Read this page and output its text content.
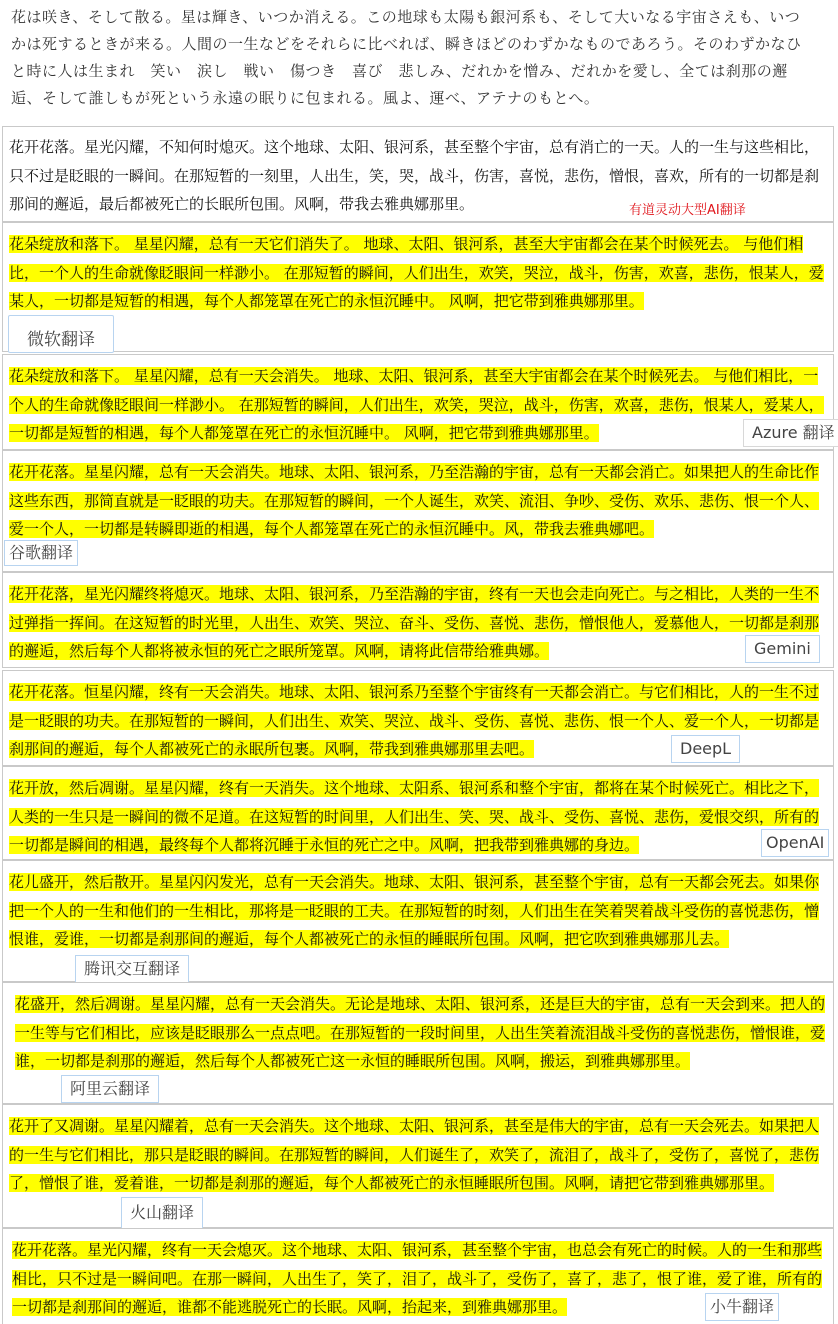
花は咲き、そして散る。星は輝き、いつか消える。この地球も太陽も銀河系も、そして大いなる宇宙さえも、いつ
かは死するときが来る。人間の一生などをそれらに比べれば、瞬きほどのわずかなものであろう。そのわずかなひ
と時に人は生まれ　笑い　涙し　戦い　傷つき　喜び　悲しみ、だれかを憎み、だれかを愛し、全ては刹那の邂
逅、そして誰しもが死という永遠の眠りに包まれる。風よ、運べ、アテナのもとへ。
花开花落。星光闪耀，不知何时熄灭。这个地球、太阳、银河系，甚至整个宇宙，总有消亡的一天。人的一生与这些相比，只不过是眨眼的一瞬间。在那短暂的一刻里，人出生，笑，哭，战斗，伤害，喜悦，悲伤，憎恨，喜欢，所有的一切都是刹那间的邂逅，最后都被死亡的长眠所包围。风啊，带我去雅典娜那里。	有道灵动大型AI翻译
花朵绽放和落下。 星星闪耀，总有一天它们消失了。 地球、太阳、银河系，甚至大宇宙都会在某个时候死去。 与他们相比，一个人的生命就像眨眼间一样渺小。 在那短暂的瞬间，人们出生，欢笑，哭泣，战斗，伤害，欢喜，悲伤，恨某人，爱某人，一切都是短暂的相遇，每个人都笼罩在死亡的永恒沉睡中。 风啊，把它带到雅典娜那里。
微软翻译
花朵绽放和落下。 星星闪耀，总有一天会消失。 地球、太阳、银河系，甚至大宇宙都会在某个时候死去。 与他们相比，一个人的生命就像眨眼间一样渺小。 在那短暂的瞬间，人们出生，欢笑，哭泣，战斗，伤害，欢喜，悲伤，恨某人，爱某人，一切都是短暂的相遇，每个人都笼罩在死亡的永恒沉睡中。 风啊，把它带到雅典娜那里。	Azure 翻译
花开花落。星星闪耀，总有一天会消失。地球、太阳、银河系，乃至浩瀚的宇宙，总有一天都会消亡。如果把人的生命比作这些东西，那简直就是一眨眼的功夫。在那短暂的瞬间，一个人诞生，欢笑、流泪、争吵、受伤、欢乐、悲伤、恨一个人、爱一个人，一切都是转瞬即逝的相遇，每个人都笼罩在死亡的永恒沉睡中。风，带我去雅典娜吧。
谷歌翻译
花开花落，星光闪耀终将熄灭。地球、太阳、银河系，乃至浩瀚的宇宙，终有一天也会走向死亡。与之相比，人类的一生不过弹指一挥间。在这短暂的时光里，人出生、欢笑、哭泣、奋斗、受伤、喜悦、悲伤，憎恨他人，爱慕他人，一切都是刹那的邂逅，然后每个人都将被永恒的死亡之眠所笼罩。风啊，请将此信带给雅典娜。	Gemini
花开花落。恒星闪耀，终有一天会消失。地球、太阳、银河系乃至整个宇宙终有一天都会消亡。与它们相比，人的一生不过是一眨眼的功夫。在那短暂的一瞬间，人们出生、欢笑、哭泣、战斗、受伤、喜悦、悲伤、恨一个人、爱一个人，一切都是刹那间的邂逅，每个人都被死亡的永眠所包裹。风啊，带我到雅典娜那里去吧。	DeepL
花开放，然后凋谢。星星闪耀，终有一天消失。这个地球、太阳系、银河系和整个宇宙，都将在某个时候死亡。相比之下，人类的一生只是一瞬间的微不足道。在这短暂的时间里，人们出生、笑、哭、战斗、受伤、喜悦、悲伤，爱恨交织，所有的一切都是瞬间的相遇，最终每个人都将沉睡于永恒的死亡之中。风啊，把我带到雅典娜的身边。	OpenAI
花儿盛开，然后散开。星星闪闪发光，总有一天会消失。地球、太阳、银河系，甚至整个宇宙，总有一天都会死去。如果你把一个人的一生和他们的一生相比，那将是一眨眼的工夫。在那短暂的时刻，人们出生在笑着哭着战斗受伤的喜悦悲伤，憎恨谁，爱谁，一切都是刹那间的邂逅，每个人都被死亡的永恒的睡眠所包围。风啊，把它吹到雅典娜那儿去。
腾讯交互翻译
花盛开，然后凋谢。星星闪耀，总有一天会消失。无论是地球、太阳、银河系，还是巨大的宇宙，总有一天会到来。把人的一生等与它们相比，应该是眨眼那么一点点吧。在那短暂的一段时间里，人出生笑着流泪战斗受伤的喜悦悲伤，憎恨谁，爱谁，一切都是刹那的邂逅，然后每个人都被死亡这一永恒的睡眠所包围。风啊，搬运，到雅典娜那里。
阿里云翻译
花开了又凋谢。星星闪耀着，总有一天会消失。这个地球、太阳、银河系，甚至是伟大的宇宙，总有一天会死去。如果把人的一生与它们相比，那只是眨眼的瞬间。在那短暂的瞬间，人们诞生了，欢笑了，流泪了，战斗了，受伤了，喜悦了，悲伤了，憎恨了谁，爱着谁，一切都是刹那的邂逅，每个人都被死亡的永恒睡眠所包围。风啊，请把它带到雅典娜那里。
火山翻译
花开花落。星光闪耀，终有一天会熄灭。这个地球、太阳、银河系，甚至整个宇宙，也总会有死亡的时候。人的一生和那些相比，只不过是一瞬间吧。在那一瞬间，人出生了，笑了，泪了，战斗了，受伤了，喜了，悲了，恨了谁，爱了谁，所有的一切都是刹那间的邂逅，谁都不能逃脱死亡的长眠。风啊，抬起来，到雅典娜那里。	小牛翻译
